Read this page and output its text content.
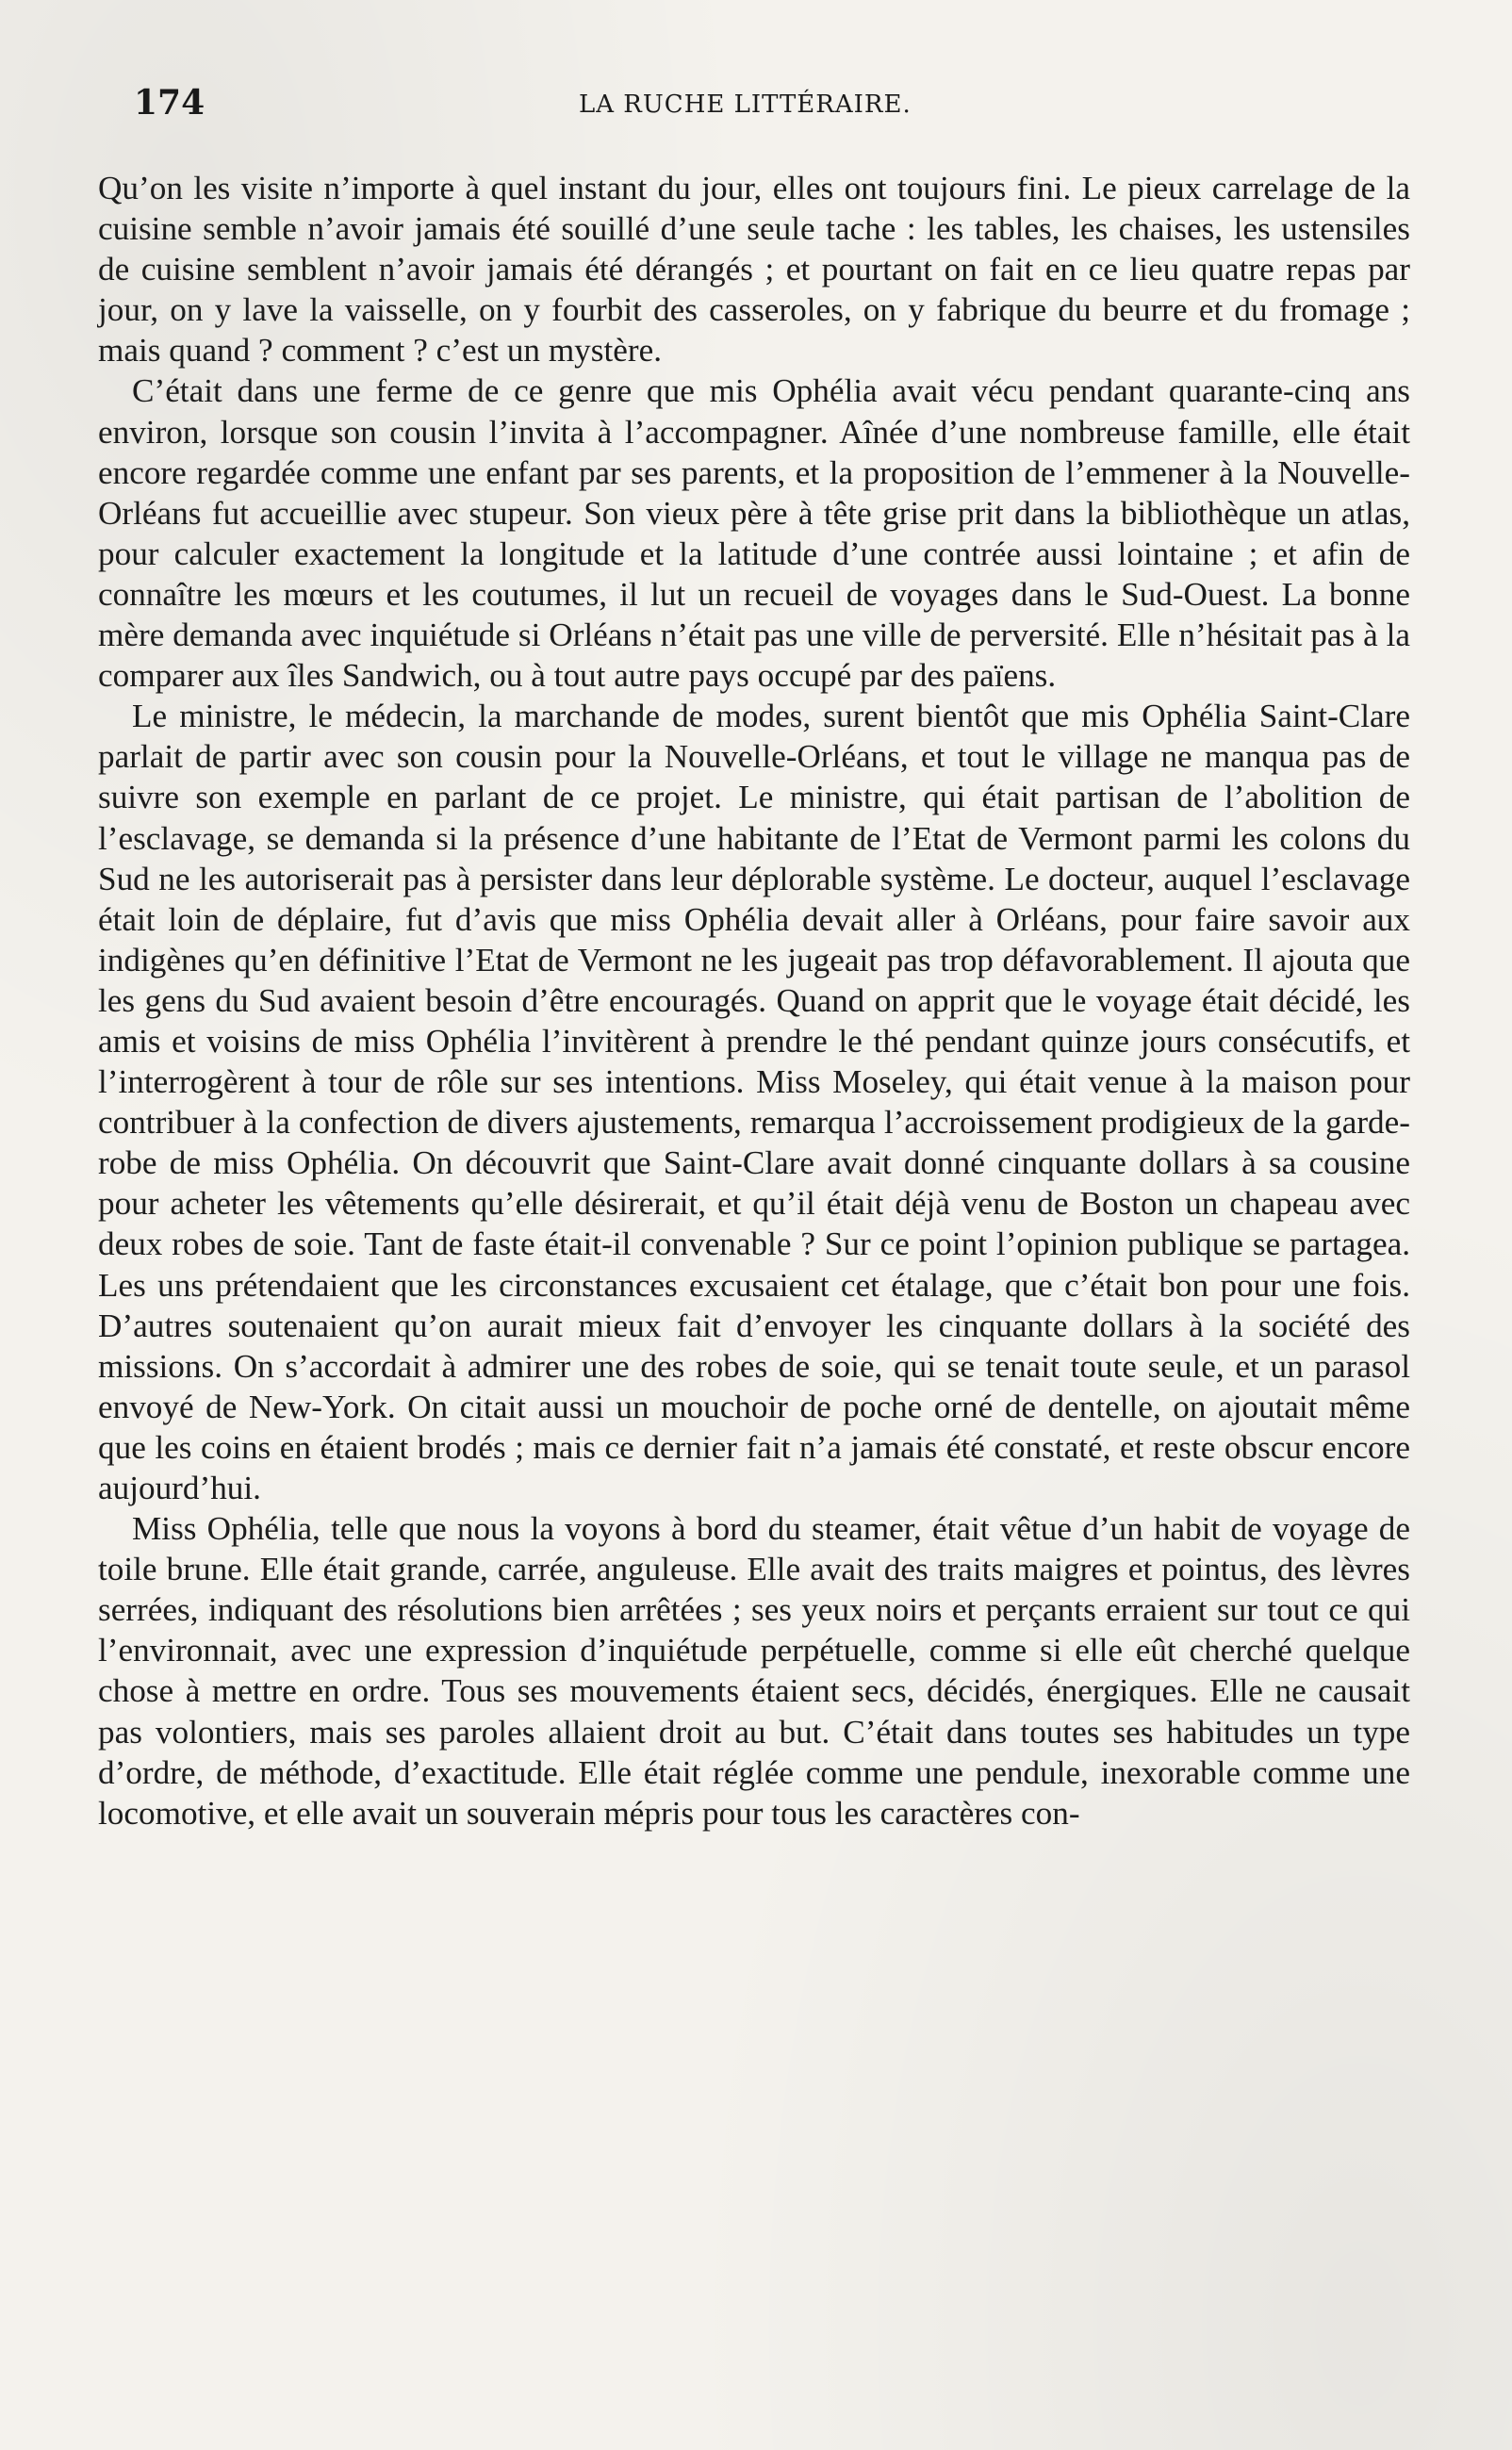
174	LA RUCHE LITTÉRAIRE.

Qu’on les visite n’importe à quel instant du jour, elles ont toujours fini. Le pieux carrelage de la cuisine semble n’avoir jamais été souillé d’une seule tache : les tables, les chaises, les ustensiles de cuisine semblent n’avoir jamais été dérangés ; et pourtant on fait en ce lieu quatre repas par jour, on y lave la vaisselle, on y fourbit des casseroles, on y fabrique du beurre et du fromage ; mais quand ? comment ? c’est un mystère.

C’était dans une ferme de ce genre que mis Ophélia avait vécu pendant quarante-cinq ans environ, lorsque son cousin l’invita à l’accompagner. Aînée d’une nombreuse famille, elle était encore regardée comme une enfant par ses parents, et la proposition de l’emmener à la Nouvelle-Orléans fut accueillie avec stupeur. Son vieux père à tête grise prit dans la bibliothèque un atlas, pour calculer exactement la longitude et la latitude d’une contrée aussi lointaine ; et afin de connaître les mœurs et les coutumes, il lut un recueil de voyages dans le Sud-Ouest. La bonne mère demanda avec inquiétude si Orléans n’était pas une ville de perversité. Elle n’hésitait pas à la comparer aux îles Sandwich, ou à tout autre pays occupé par des païens.

Le ministre, le médecin, la marchande de modes, surent bientôt que mis Ophélia Saint-Clare parlait de partir avec son cousin pour la Nouvelle-Orléans, et tout le village ne manqua pas de suivre son exemple en parlant de ce projet. Le ministre, qui était partisan de l’abolition de l’esclavage, se demanda si la présence d’une habitante de l’Etat de Vermont parmi les colons du Sud ne les autoriserait pas à persister dans leur déplorable système. Le docteur, auquel l’esclavage était loin de déplaire, fut d’avis que miss Ophélia devait aller à Orléans, pour faire savoir aux indigènes qu’en définitive l’Etat de Vermont ne les jugeait pas trop défavorablement. Il ajouta que les gens du Sud avaient besoin d’être encouragés. Quand on apprit que le voyage était décidé, les amis et voisins de miss Ophélia l’invitèrent à prendre le thé pendant quinze jours consécutifs, et l’interrogèrent à tour de rôle sur ses intentions. Miss Moseley, qui était venue à la maison pour contribuer à la confection de divers ajustements, remarqua l’accroissement prodigieux de la garde-robe de miss Ophélia. On découvrit que Saint-Clare avait donné cinquante dollars à sa cousine pour acheter les vêtements qu’elle désirerait, et qu’il était déjà venu de Boston un chapeau avec deux robes de soie. Tant de faste était-il convenable ? Sur ce point l’opinion publique se partagea. Les uns prétendaient que les circonstances excusaient cet étalage, que c’était bon pour une fois. D’autres soutenaient qu’on aurait mieux fait d’envoyer les cinquante dollars à la société des missions. On s’accordait à admirer une des robes de soie, qui se tenait toute seule, et un parasol envoyé de New-York. On citait aussi un mouchoir de poche orné de dentelle, on ajoutait même que les coins en étaient brodés ; mais ce dernier fait n’a jamais été constaté, et reste obscur encore aujourd’hui.

Miss Ophélia, telle que nous la voyons à bord du steamer, était vêtue d’un habit de voyage de toile brune. Elle était grande, carrée, anguleuse. Elle avait des traits maigres et pointus, des lèvres serrées, indiquant des résolutions bien arrêtées ; ses yeux noirs et perçants erraient sur tout ce qui l’environnait, avec une expression d’inquiétude perpétuelle, comme si elle eût cherché quelque chose à mettre en ordre. Tous ses mouvements étaient secs, décidés, énergiques. Elle ne causait pas volontiers, mais ses paroles allaient droit au but. C’était dans toutes ses habitudes un type d’ordre, de méthode, d’exactitude. Elle était réglée comme une pendule, inexorable comme une locomotive, et elle avait un souverain mépris pour tous les caractères con-
